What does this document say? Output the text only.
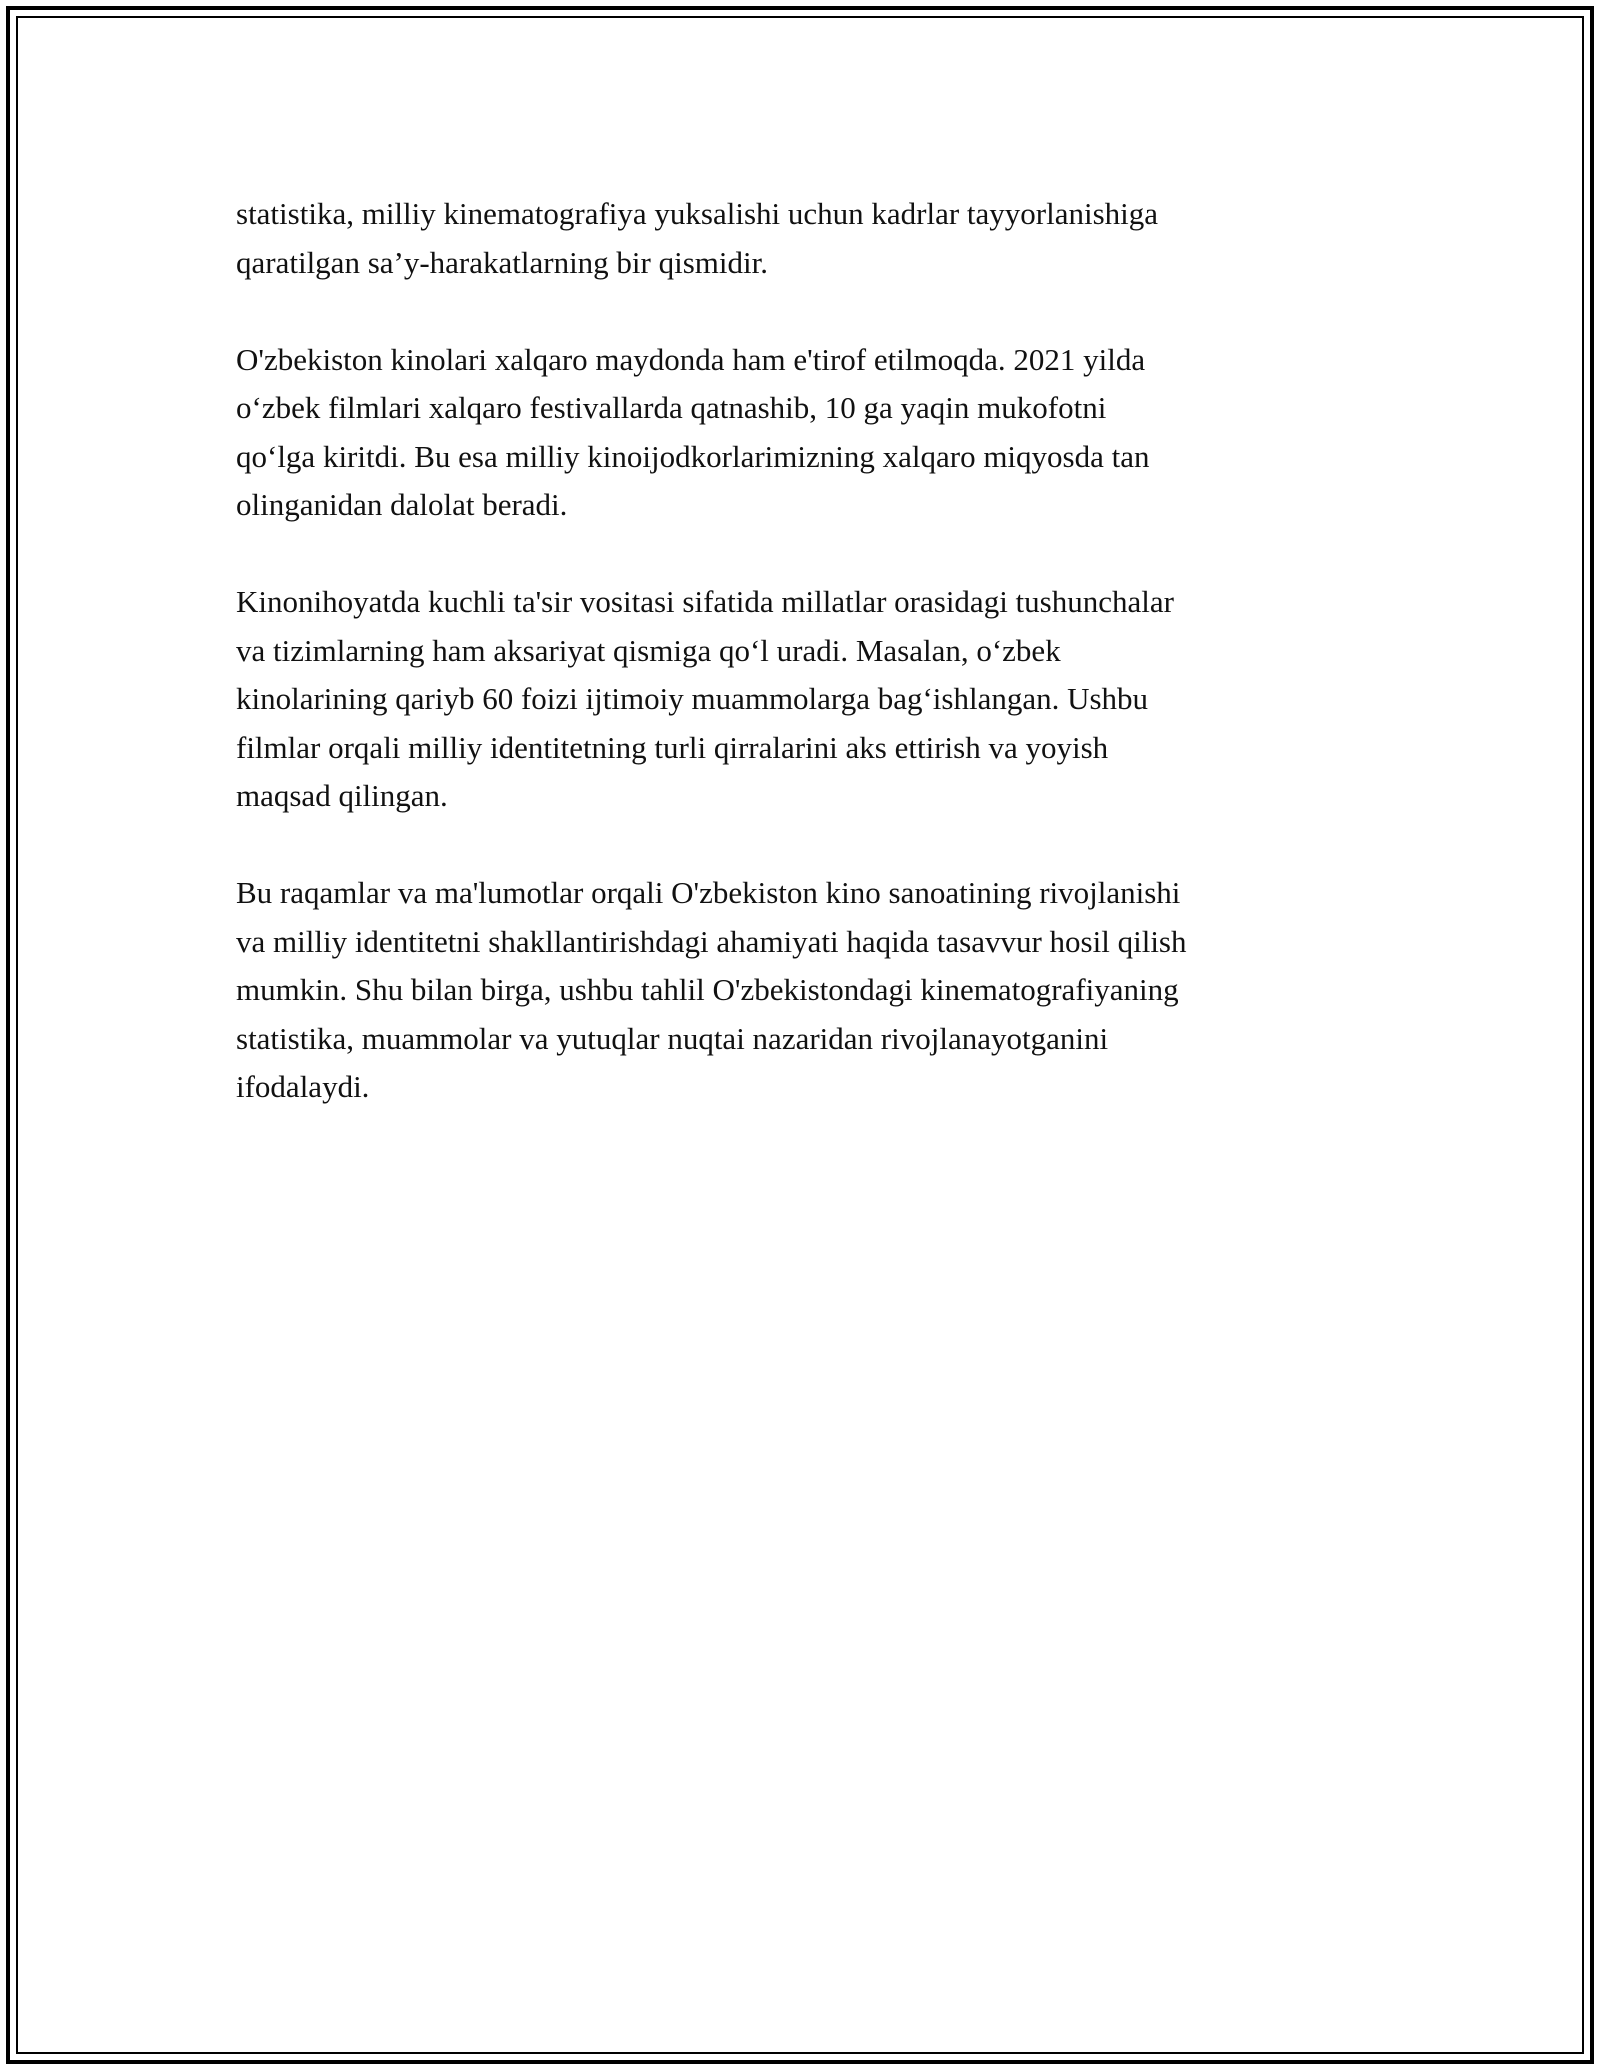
statistika, milliy kinematografiya yuksalishi uchun kadrlar tayyorlanishiga
qaratilgan sa’y-harakatlarning bir qismidir.

O'zbekiston kinolari xalqaro maydonda ham e'tirof etilmoqda. 2021 yilda
o‘zbek filmlari xalqaro festivallarda qatnashib, 10 ga yaqin mukofotni
qo‘lga kiritdi. Bu esa milliy kinoijodkorlarimizning xalqaro miqyosda tan
olinganidan dalolat beradi.

Kinonihoyatda kuchli ta'sir vositasi sifatida millatlar orasidagi tushunchalar
va tizimlarning ham aksariyat qismiga qo‘l uradi. Masalan, o‘zbek
kinolarining qariyb 60 foizi ijtimoiy muammolarga bag‘ishlangan. Ushbu
filmlar orqali milliy identitetning turli qirralarini aks ettirish va yoyish
maqsad qilingan.

Bu raqamlar va ma'lumotlar orqali O'zbekiston kino sanoatining rivojlanishi
va milliy identitetni shakllantirishdagi ahamiyati haqida tasavvur hosil qilish
mumkin. Shu bilan birga, ushbu tahlil O'zbekistondagi kinematografiyaning
statistika, muammolar va yutuqlar nuqtai nazaridan rivojlanayotganini
ifodalaydi.
